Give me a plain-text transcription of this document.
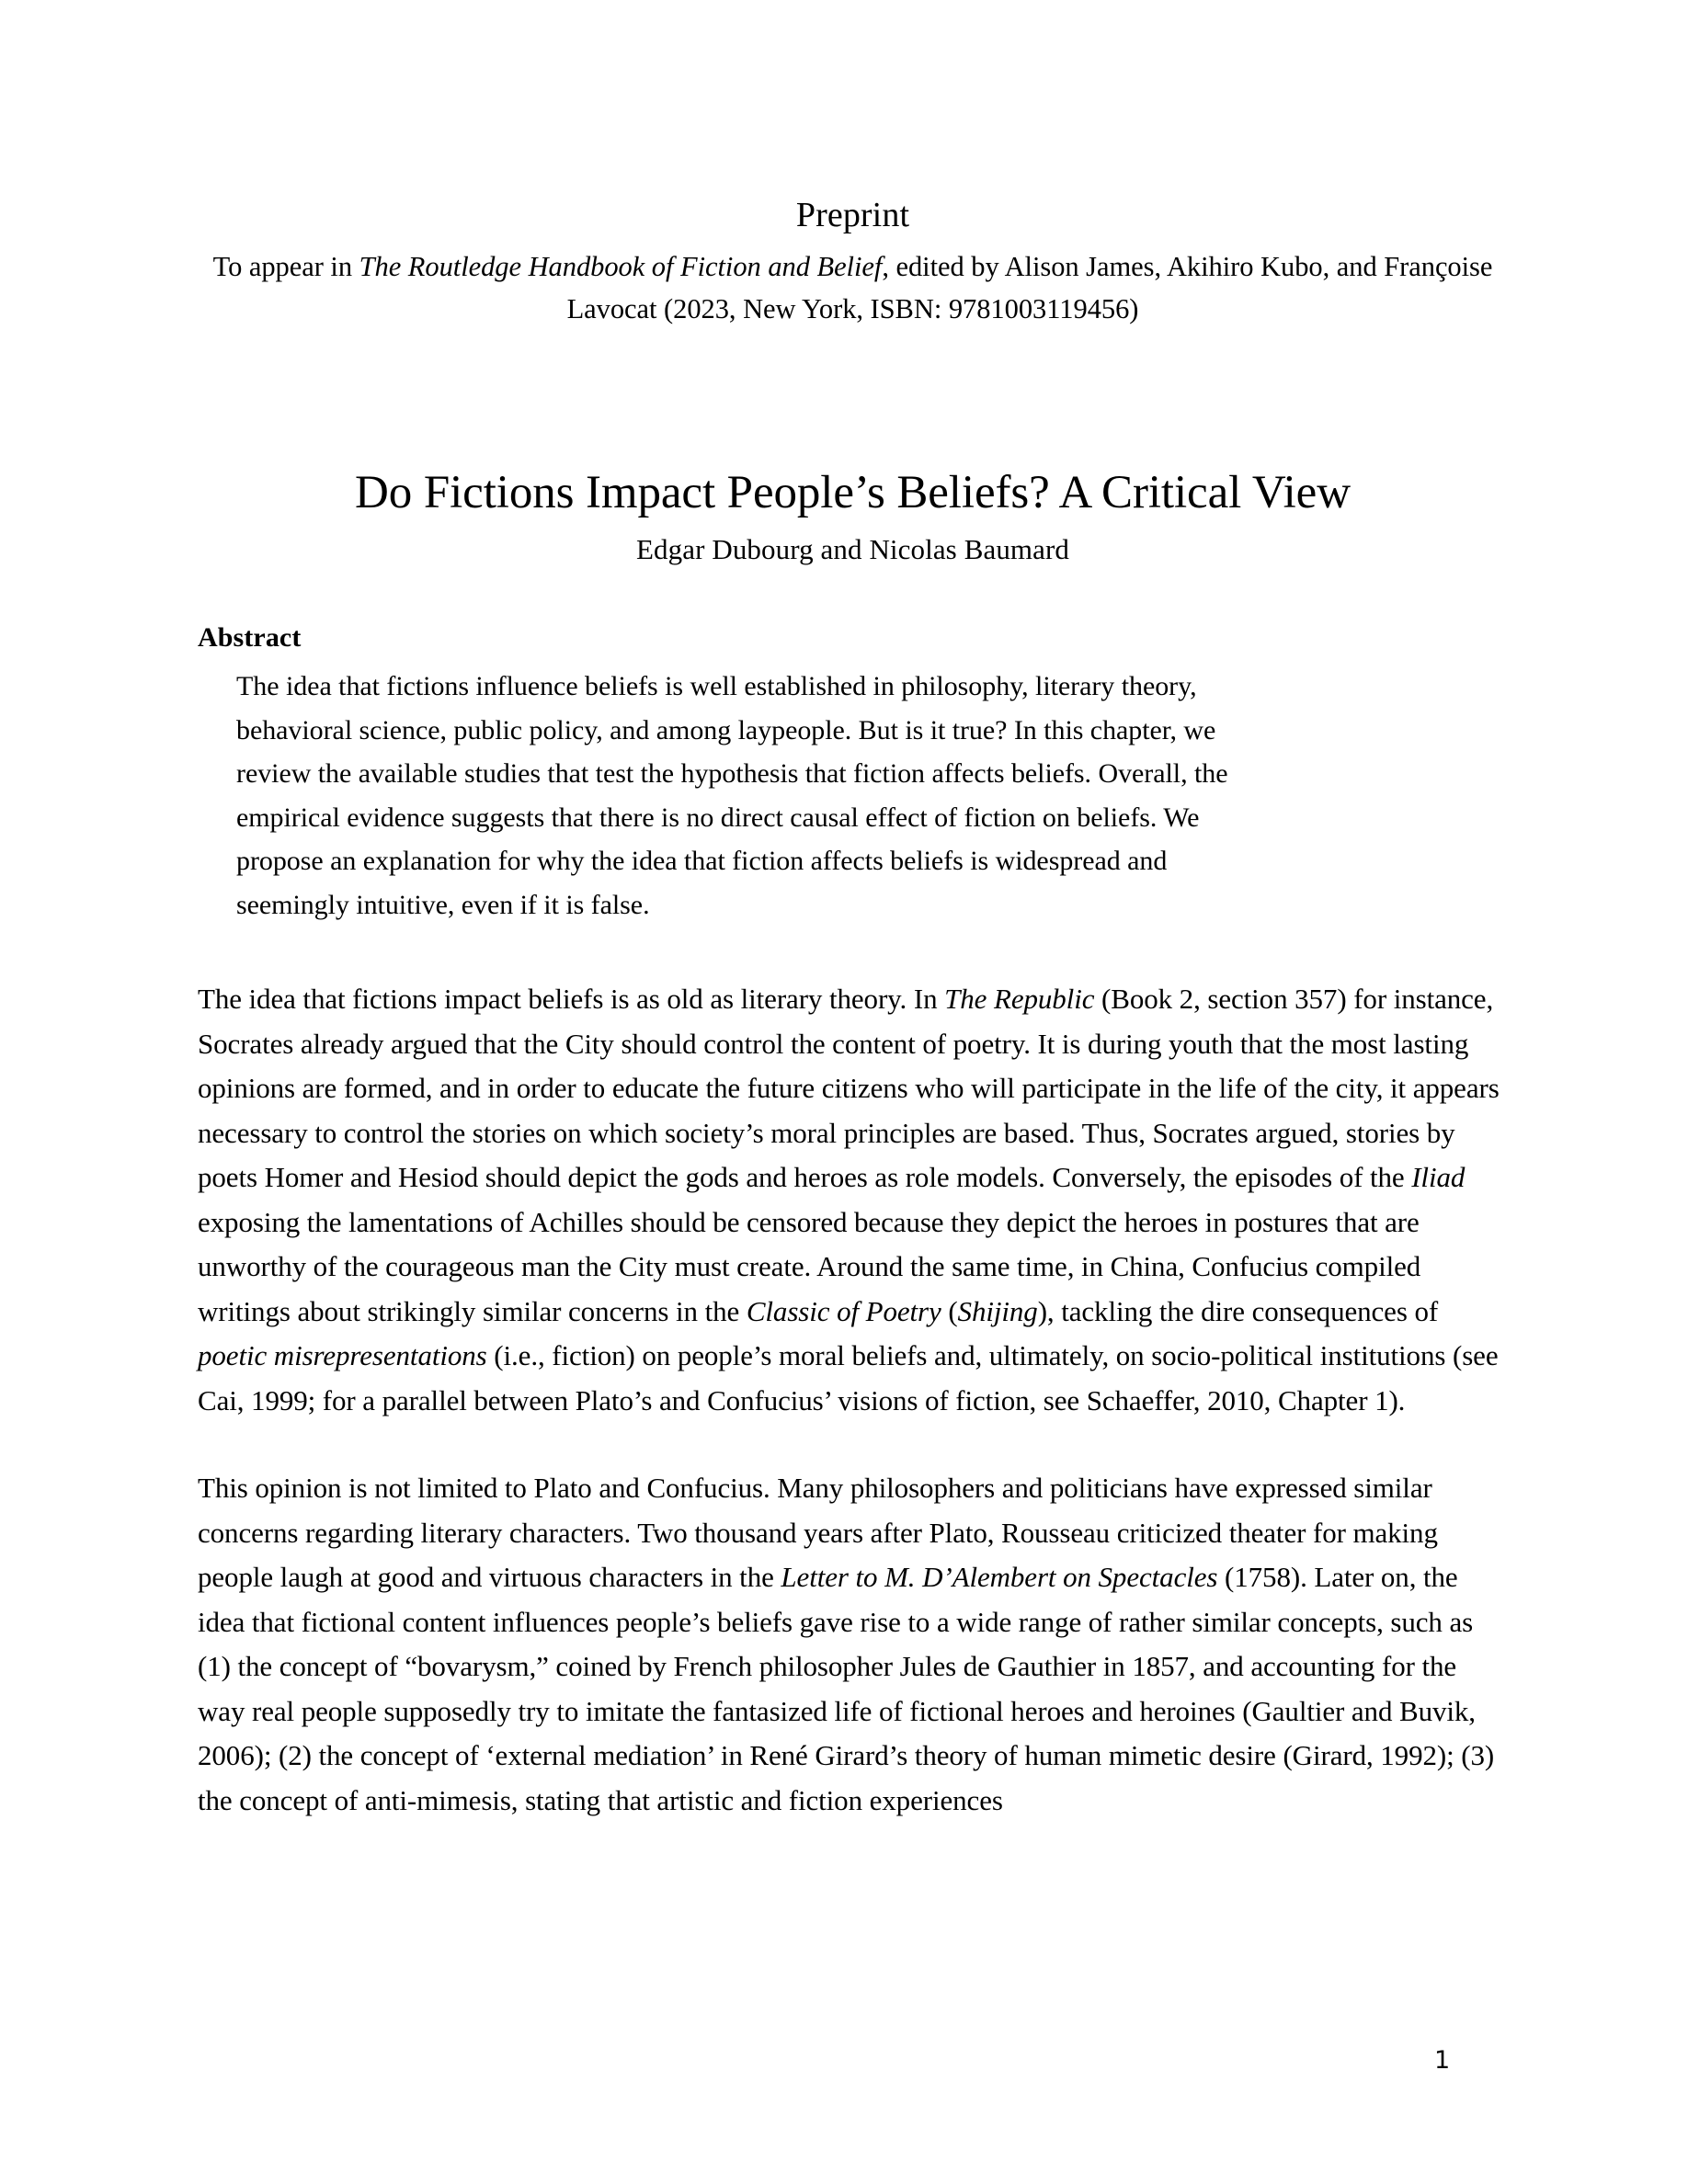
Preprint
To appear in The Routledge Handbook of Fiction and Belief, edited by Alison James, Akihiro Kubo, and Françoise Lavocat (2023, New York, ISBN: 9781003119456)
Do Fictions Impact People’s Beliefs? A Critical View
Edgar Dubourg and Nicolas Baumard
Abstract
The idea that fictions influence beliefs is well established in philosophy, literary theory, behavioral science, public policy, and among laypeople. But is it true? In this chapter, we review the available studies that test the hypothesis that fiction affects beliefs. Overall, the empirical evidence suggests that there is no direct causal effect of fiction on beliefs. We propose an explanation for why the idea that fiction affects beliefs is widespread and seemingly intuitive, even if it is false.

The idea that fictions impact beliefs is as old as literary theory. In The Republic (Book 2, section 357) for instance, Socrates already argued that the City should control the content of poetry. It is during youth that the most lasting opinions are formed, and in order to educate the future citizens who will participate in the life of the city, it appears necessary to control the stories on which society’s moral principles are based. Thus, Socrates argued, stories by poets Homer and Hesiod should depict the gods and heroes as role models. Conversely, the episodes of the Iliad exposing the lamentations of Achilles should be censored because they depict the heroes in postures that are unworthy of the courageous man the City must create. Around the same time, in China, Confucius compiled writings about strikingly similar concerns in the Classic of Poetry (Shijing), tackling the dire consequences of poetic misrepresentations (i.e., fiction) on people’s moral beliefs and, ultimately, on socio-political institutions (see Cai, 1999; for a parallel between Plato’s and Confucius’ visions of fiction, see Schaeffer, 2010, Chapter 1).

This opinion is not limited to Plato and Confucius. Many philosophers and politicians have expressed similar concerns regarding literary characters. Two thousand years after Plato, Rousseau criticized theater for making people laugh at good and virtuous characters in the Letter to M. D’Alembert on Spectacles (1758). Later on, the idea that fictional content influences people’s beliefs gave rise to a wide range of rather similar concepts, such as (1) the concept of “bovarysm,” coined by French philosopher Jules de Gauthier in 1857, and accounting for the way real people supposedly try to imitate the fantasized life of fictional heroes and heroines (Gaultier and Buvik, 2006); (2) the concept of ‘external mediation’ in René Girard’s theory of human mimetic desire (Girard, 1992); (3) the concept of anti-mimesis, stating that artistic and fiction experiences

1
